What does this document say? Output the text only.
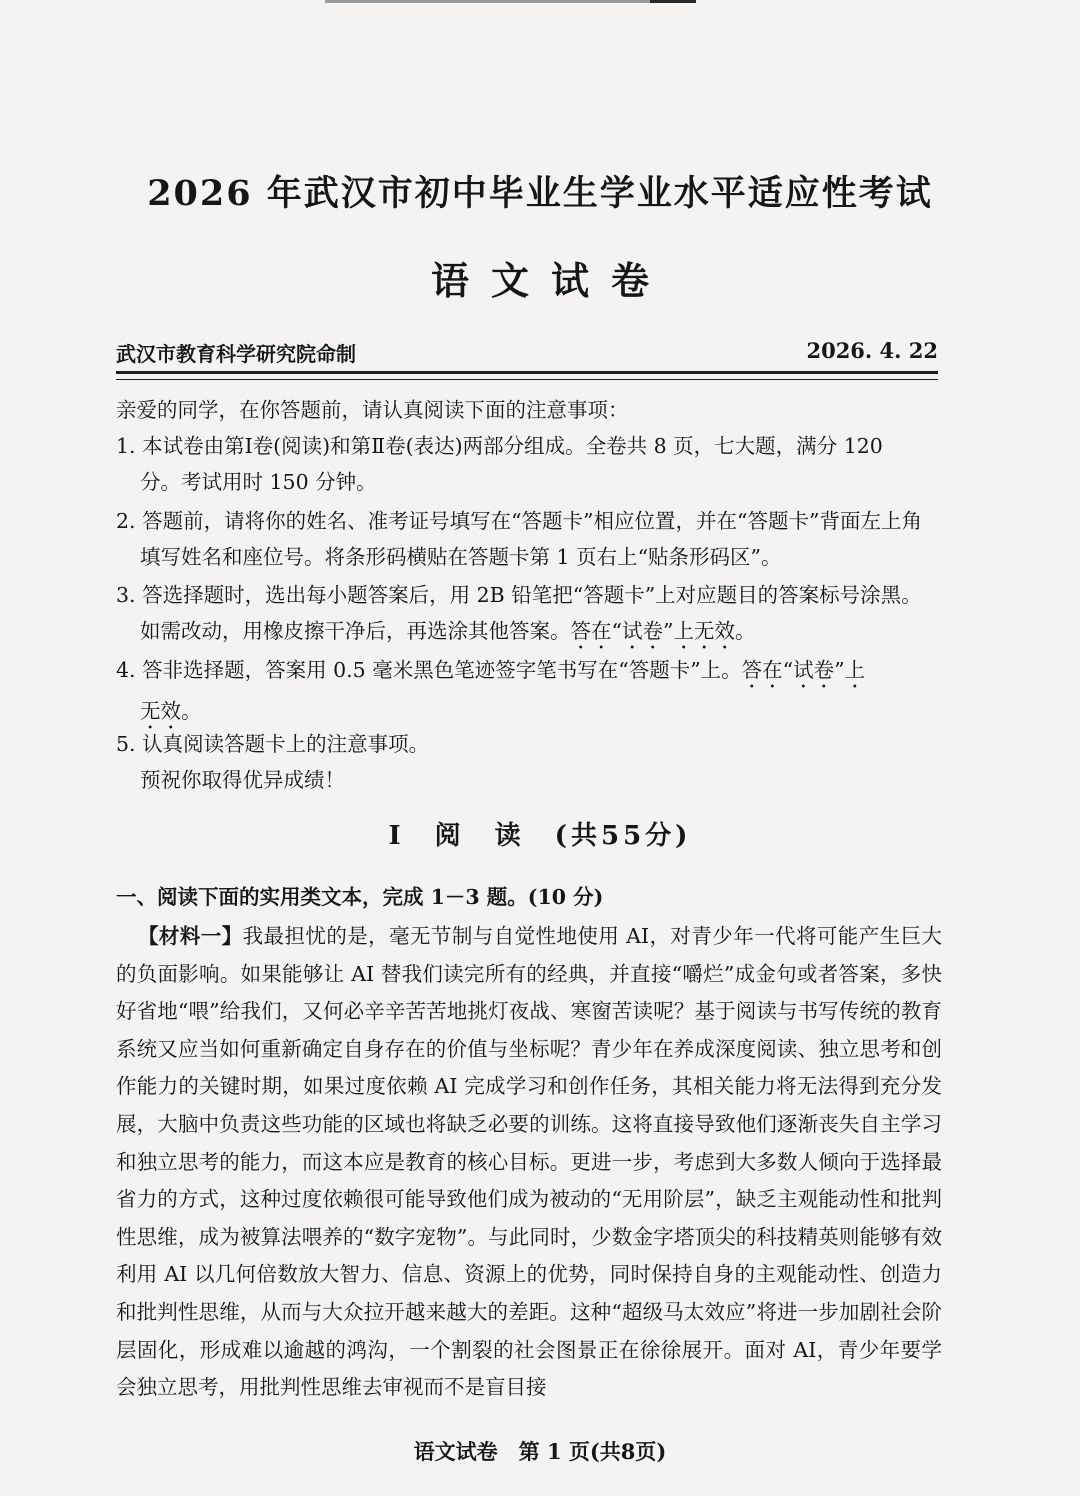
2026 年武汉市初中毕业生学业水平适应性考试
语文试卷
武汉市教育科学研究院命制	2026. 4. 22
亲爱的同学，在你答题前，请认真阅读下面的注意事项：
1. 本试卷由第Ⅰ卷(阅读)和第Ⅱ卷(表达)两部分组成。全卷共 8 页，七大题，满分 120
分。考试用时 150 分钟。
2. 答题前，请将你的姓名、准考证号填写在“答题卡”相应位置，并在“答题卡”背面左上角
填写姓名和座位号。将条形码横贴在答题卡第 1 页右上“贴条形码区”。
3. 答选择题时，选出每小题答案后，用 2B 铅笔把“答题卡”上对应题目的答案标号涂黑。
如需改动，用橡皮擦干净后，再选涂其他答案。答在“试卷”上无效。
4. 答非选择题，答案用 0.5 毫米黑色笔迹签字笔书写在“答题卡”上。答在“试卷”上
无效。
5. 认真阅读答题卡上的注意事项。
预祝你取得优异成绩！
Ⅰ　阅　读　(共55分)
一、阅读下面的实用类文本，完成 1－3 题。(10 分)
【材料一】我最担忧的是，毫无节制与自觉性地使用 AI，对青少年一代将可能产生巨大的负面影响。如果能够让 AI 替我们读完所有的经典，并直接“嚼烂”成金句或者答案，多快好省地“喂”给我们，又何必辛辛苦苦地挑灯夜战、寒窗苦读呢？基于阅读与书写传统的教育系统又应当如何重新确定自身存在的价值与坐标呢？青少年在养成深度阅读、独立思考和创作能力的关键时期，如果过度依赖 AI 完成学习和创作任务，其相关能力将无法得到充分发展，大脑中负责这些功能的区域也将缺乏必要的训练。这将直接导致他们逐渐丧失自主学习和独立思考的能力，而这本应是教育的核心目标。更进一步，考虑到大多数人倾向于选择最省力的方式，这种过度依赖很可能导致他们成为被动的“无用阶层”，缺乏主观能动性和批判性思维，成为被算法喂养的“数字宠物”。与此同时，少数金字塔顶尖的科技精英则能够有效利用 AI 以几何倍数放大智力、信息、资源上的优势，同时保持自身的主观能动性、创造力和批判性思维，从而与大众拉开越来越大的差距。这种“超级马太效应”将进一步加剧社会阶层固化，形成难以逾越的鸿沟，一个割裂的社会图景正在徐徐展开。面对 AI，青少年要学会独立思考，用批判性思维去审视而不是盲目接
语文试卷　第 1 页(共8页)
